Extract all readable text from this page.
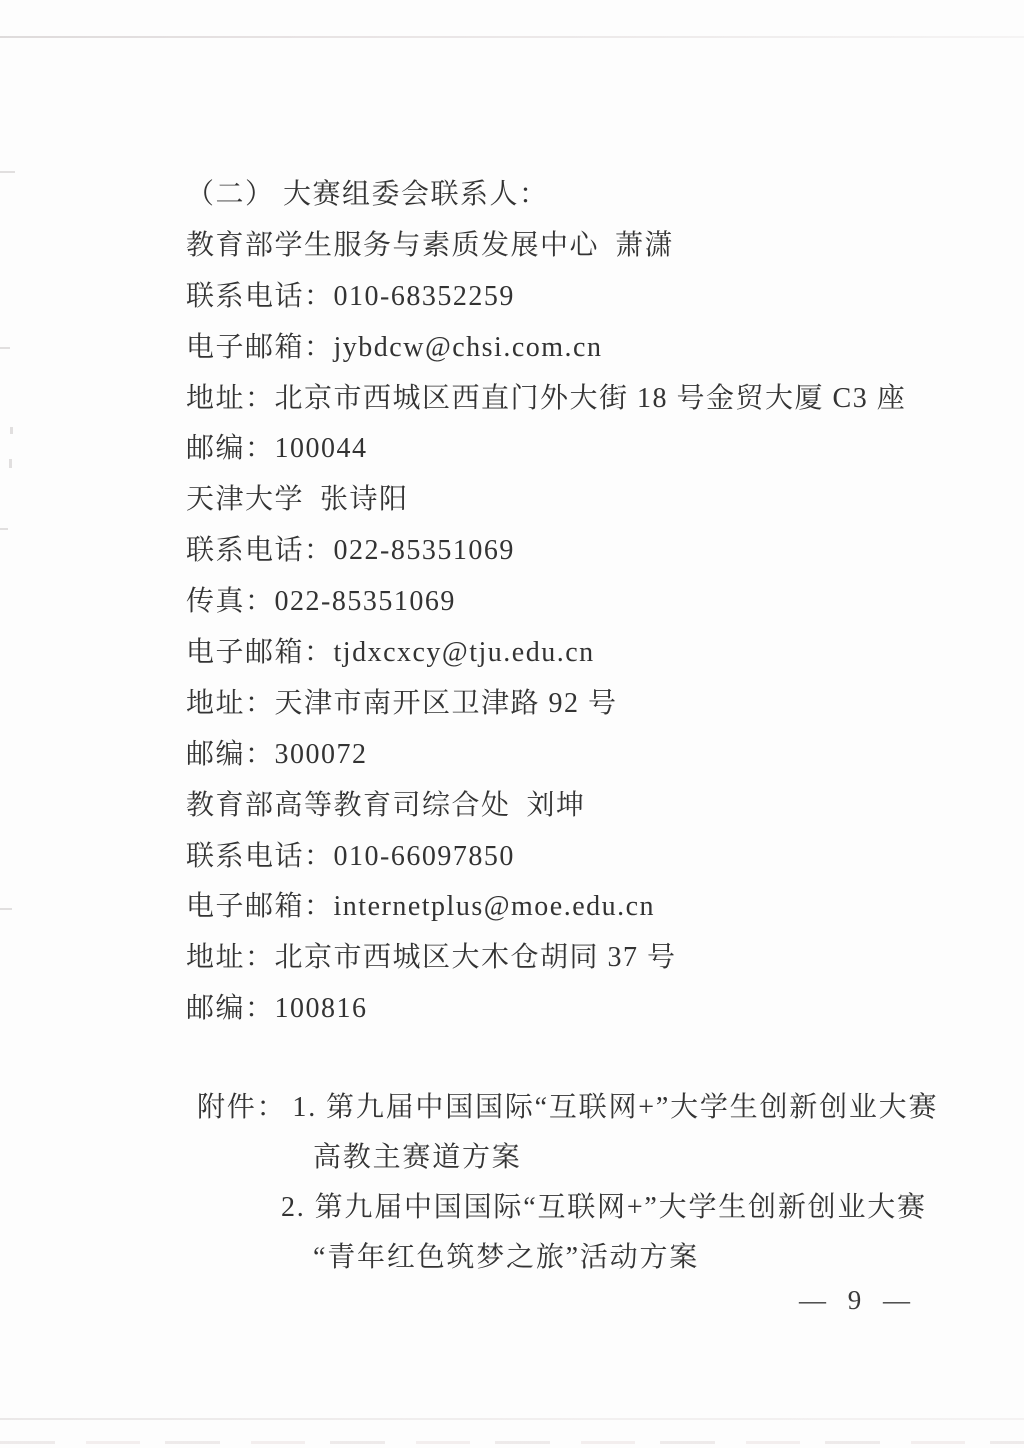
（二） 大赛组委会联系人：
教育部学生服务与素质发展中心 萧潇
联系电话：010-68352259
电子邮箱：jybdcw@chsi.com.cn
地址：北京市西城区西直门外大街 18 号金贸大厦 C3 座
邮编：100044
天津大学 张诗阳
联系电话：022-85351069
传真：022-85351069
电子邮箱：tjdxcxcy@tju.edu.cn
地址：天津市南开区卫津路 92 号
邮编：300072
教育部高等教育司综合处 刘坤
联系电话：010-66097850
电子邮箱：internetplus@moe.edu.cn
地址：北京市西城区大木仓胡同 37 号
邮编：100816
附件： 1. 第九届中国国际“互联网+”大学生创新创业大赛
高教主赛道方案
2. 第九届中国国际“互联网+”大学生创新创业大赛
“青年红色筑梦之旅”活动方案
— 9 —
